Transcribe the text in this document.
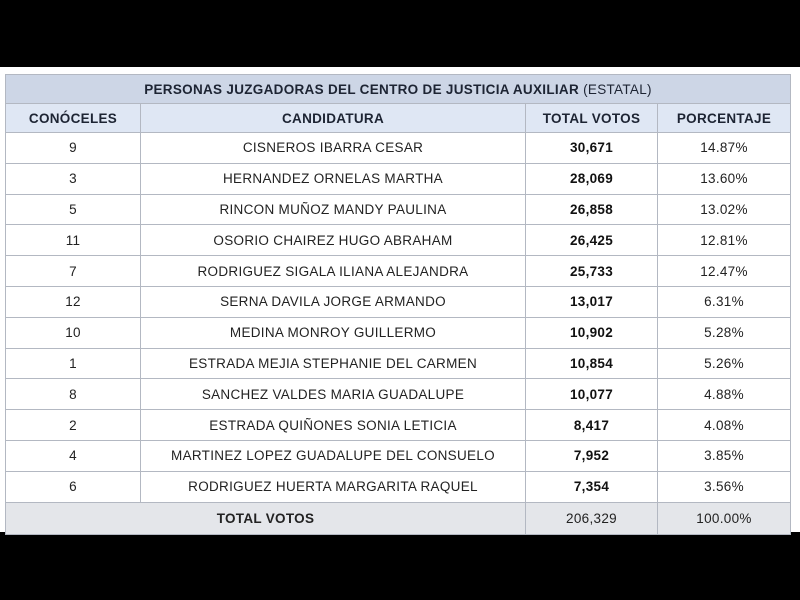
PERSONAS JUZGADORAS DEL CENTRO DE JUSTICIA AUXILIAR (ESTATAL)			
CONÓCELES	CANDIDATURA	TOTAL VOTOS	PORCENTAJE
9	CISNEROS IBARRA CESAR	30,671	14.87%
3	HERNANDEZ ORNELAS MARTHA	28,069	13.60%
5	RINCON MUÑOZ MANDY PAULINA	26,858	13.02%
11	OSORIO CHAIREZ HUGO ABRAHAM	26,425	12.81%
7	RODRIGUEZ SIGALA ILIANA ALEJANDRA	25,733	12.47%
12	SERNA DAVILA JORGE ARMANDO	13,017	6.31%
10	MEDINA MONROY GUILLERMO	10,902	5.28%
1	ESTRADA MEJIA STEPHANIE DEL CARMEN	10,854	5.26%
8	SANCHEZ VALDES MARIA GUADALUPE	10,077	4.88%
2	ESTRADA QUIÑONES SONIA LETICIA	8,417	4.08%
4	MARTINEZ LOPEZ GUADALUPE DEL CONSUELO	7,952	3.85%
6	RODRIGUEZ HUERTA MARGARITA RAQUEL	7,354	3.56%
TOTAL VOTOS		206,329	100.00%
